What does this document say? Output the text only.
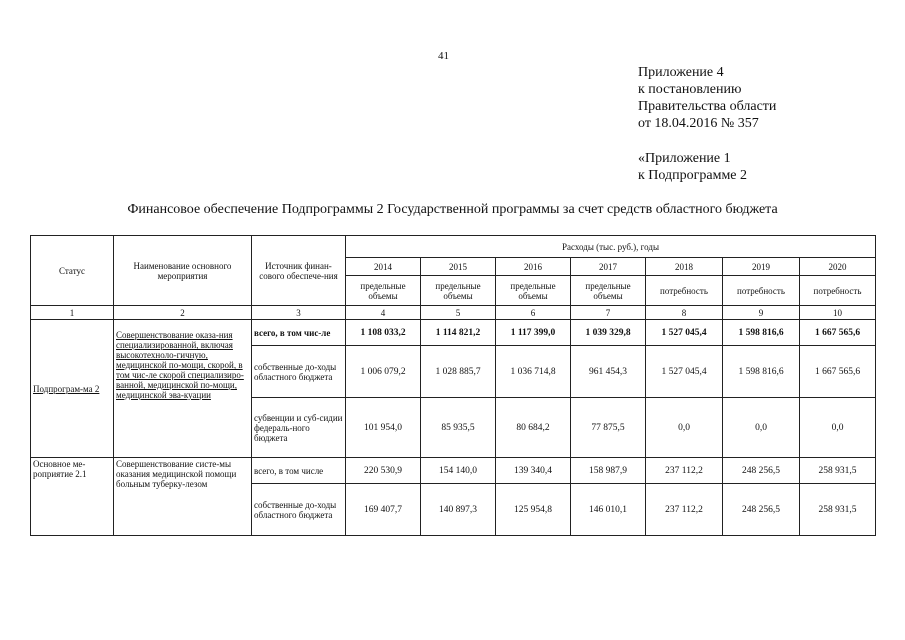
41
Приложение 4
к постановлению
Правительства области
от 18.04.2016 № 357
«Приложение 1
к Подпрограмме 2
Финансовое обеспечение Подпрограммы 2 Государственной программы за счет средств областного бюджета
Статус	Наименование основного мероприятия	Источник финан-сового обеспече-ния	Расходы (тыс. руб.), годы						
			2014	2015	2016	2017	2018	2019	2020
			предельные объемы	предельные объемы	предельные объемы	предельные объемы	потребность	потребность	потребность
1	2	3	4	5	6	7	8	9	10
Подпрограм-ма 2	Совершенствование оказа-ния специализированной, включая высокотехноло-гичную, медицинской по-мощи, скорой, в том чис-ле скорой специализиро-ванной, медицинской по-мощи, медицинской эва-куации	всего, в том чис-ле	1 108 033,2	1 114 821,2	1 117 399,0	1 039 329,8	1 527 045,4	1 598 816,6	1 667 565,6
		собственные до-ходы областного бюджета	1 006 079,2	1 028 885,7	1 036 714,8	961 454,3	1 527 045,4	1 598 816,6	1 667 565,6
		субвенции и суб-сидии федераль-ного бюджета	101 954,0	85 935,5	80 684,2	77 875,5	0,0	0,0	0,0
Основное ме-роприятие 2.1	Совершенствование систе-мы оказания медицинской помощи больным туберку-лезом	всего, в том числе	220 530,9	154 140,0	139 340,4	158 987,9	237 112,2	248 256,5	258 931,5
		собственные до-ходы областного бюджета	169 407,7	140 897,3	125 954,8	146 010,1	237 112,2	248 256,5	258 931,5
